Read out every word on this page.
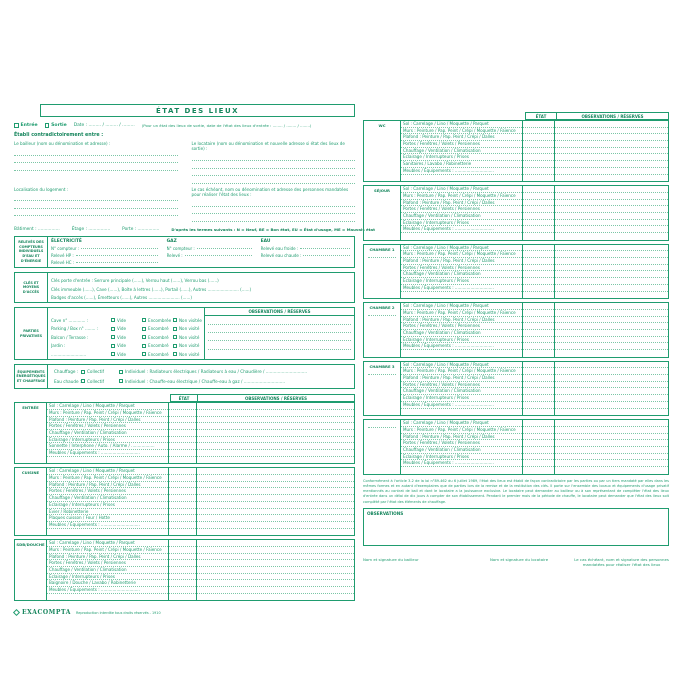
ÉTAT DES LIEUX
Entrée	Sortie Date : ......... / ......... / ......... (Pour un état des lieux de sortie, date de l'état des lieux d'entrée : ........ / ........ / ........)
Établi contradictoirement entre :
Le bailleur (nom ou dénomination et adresse) :	Le locataire (nom ou dénomination et nouvelle adresse si état des lieux de sortie) :
Localisation du logement :	Le cas échéant, nom ou dénomination et adresse des personnes mandatées pour réaliser l'état des lieux :
Bâtiment : ................	Étage : ................	Porte : ................	D'après les termes suivants : N = Neuf, BE = Bon état, EU = État d'usage, ME = Mauvais état
RELEVÉS DES COMPTEURS INDIVIDUELS D'EAU ET D'ÉNERGIE
ÉLECTRICITÉ
N° compteur :
Relevé HP :
Relevé HC :
GAZ
N° compteur :
Relevé :
EAU
Relevé eau froide :
Relevé eau chaude :
CLÉS ET MOYENS D'ACCÈS
Clés porte d'entrée : Serrure principale (......), Verrou haut (......), Verrou bas (......)
Clés immeuble (......), Cave (......), Boîte à lettres (......), Portail (......), Autres ........................ (......)
Badges d'accès (......), Émetteurs (......), Autres ........................ (......)
PARTIES PRIVATIVES
Cave n° ............. :	Vide	Encombrée Non visitée
Parking / Box n° ........ :	Vide	Encombré	Non visité
Balcon / Terrasse :	Vide	Encombré	Non visité
Jardin :	Vide	Encombré	Non visité
...........................	Vide	Encombré	Non visité
OBSERVATIONS / RÉSERVES
ÉQUIPEMENTS ÉNERGÉTIQUES ET CHAUFFAGE
Chauffage :	Collectif	Individuel : Radiateurs électriques / Radiateurs à eau / Chaudière / ...............................
Eau chaude : Collectif	Individuel : Chauffe-eau électrique / Chauffe-eau à gaz / ...............................
ÉTAT	OBSERVATIONS / RÉSERVES
ENTRÉE	Sol : Carrelage / Lino / Moquette / Parquet
Murs : Peinture / Pap. Peint / Crépi / Moquette / Faïence
Plafond : Peinture / Pap. Peint / Crépi / Dalles
Portes / Fenêtres / Volets / Persiennes
Chauffage / Ventilation / Climatisation
Éclairage / Interrupteurs / Prises
Sonnette / Interphone / Auto. / Alarme / ..................
Meubles / Équipements : ..............................
CUISINE	Sol : Carrelage / Lino / Moquette / Parquet
Murs : Peinture / Pap. Peint / Crépi / Moquette / Faïence
Plafond : Peinture / Pap. Peint / Crépi / Dalles
Portes / Fenêtres / Volets / Persiennes
Chauffage / Ventilation / Climatisation
Éclairage / Interrupteurs / Prises
Évier / Robinetterie
Plaques cuisson / Four / Hotte
Meubles / Équipements : ..............................
SDB/DOUCHE	Sol : Carrelage / Lino / Moquette / Parquet
Murs : Peinture / Pap. Peint / Crépi / Moquette / Faïence
Plafond : Peinture / Pap. Peint / Crépi / Dalles
Portes / Fenêtres / Volets / Persiennes
Chauffage / Ventilation / Climatisation
Éclairage / Interrupteurs / Prises
Baignoire / Douche / Lavabo / Robinetterie
Meubles / Équipements : ..............................
EXACOMPTA Reproduction interdite tous droits réservés - 1910
ÉTAT	OBSERVATIONS / RÉSERVES
WC	Sol : Carrelage / Lino / Moquette / Parquet
Murs : Peinture / Pap. Peint / Crépi / Moquette / Faïence
Plafond : Peinture / Pap. Peint / Crépi / Dalles
Portes / Fenêtres / Volets / Persiennes
Chauffage / Ventilation / Climatisation
Éclairage / Interrupteurs / Prises
Sanitaires / Lavabo / Robinetterie
Meubles / Équipements : ..............................
SÉJOUR	Sol : Carrelage / Lino / Moquette / Parquet
Murs : Peinture / Pap. Peint / Crépi / Moquette / Faïence
Plafond : Peinture / Pap. Peint / Crépi / Dalles
Portes / Fenêtres / Volets / Persiennes
Chauffage / Ventilation / Climatisation
Éclairage / Interrupteurs / Prises
Meubles / Équipements : ..............................
CHAMBRE 1	Sol : Carrelage / Lino / Moquette / Parquet
Murs : Peinture / Pap. Peint / Crépi / Moquette / Faïence
Plafond : Peinture / Pap. Peint / Crépi / Dalles
Portes / Fenêtres / Volets / Persiennes
Chauffage / Ventilation / Climatisation
Éclairage / Interrupteurs / Prises
Meubles / Équipements : ..............................
CHAMBRE 2	Sol : Carrelage / Lino / Moquette / Parquet
Murs : Peinture / Pap. Peint / Crépi / Moquette / Faïence
Plafond : Peinture / Pap. Peint / Crépi / Dalles
Portes / Fenêtres / Volets / Persiennes
Chauffage / Ventilation / Climatisation
Éclairage / Interrupteurs / Prises
Meubles / Équipements : ..............................
CHAMBRE 3	Sol : Carrelage / Lino / Moquette / Parquet
Murs : Peinture / Pap. Peint / Crépi / Moquette / Faïence
Plafond : Peinture / Pap. Peint / Crépi / Dalles
Portes / Fenêtres / Volets / Persiennes
Chauffage / Ventilation / Climatisation
Éclairage / Interrupteurs / Prises
Meubles / Équipements : ..............................
Sol : Carrelage / Lino / Moquette / Parquet
Murs : Peinture / Pap. Peint / Crépi / Moquette / Faïence
Plafond : Peinture / Pap. Peint / Crépi / Dalles
Portes / Fenêtres / Volets / Persiennes
Chauffage / Ventilation / Climatisation
Éclairage / Interrupteurs / Prises
Meubles / Équipements : ..............................

Conformément à l'article 3-2 de la loi n°89-462 du 6 juillet 1989, l'état des lieux est établi de façon contradictoire par les parties ou par un tiers mandaté par elles dans les mêmes formes et en autant d'exemplaires que de parties lors de la remise et de la restitution des clés. Il porte sur l'ensemble des locaux et équipements d'usage privatif mentionnés au contrat de bail et dont le locataire a la jouissance exclusive. Le locataire peut demander au bailleur ou à son représentant de compléter l'état des lieux d'entrée dans un délai de dix jours à compter de son établissement. Pendant le premier mois de la période de chauffe, le locataire peut demander que l'état des lieux soit complété par l'état des éléments de chauffage.

OBSERVATIONS
Nom et signature du bailleur	Nom et signature du locataire	Le cas échéant, nom et signature des personnes mandatées pour réaliser l'état des lieux
